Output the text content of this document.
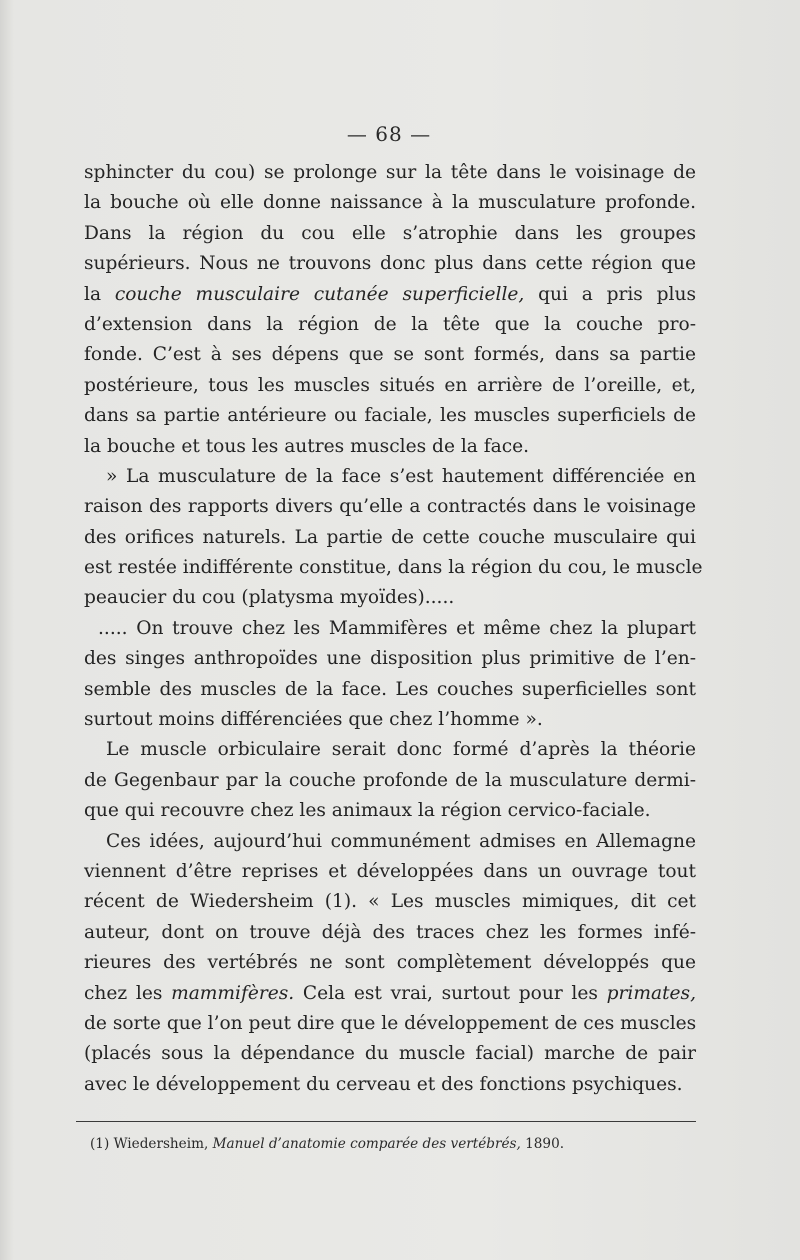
— 68 —
sphincter du cou) se prolonge sur la tête dans le voisinage de
la bouche où elle donne naissance à la musculature profonde.
Dans la région du cou elle s’atrophie dans les groupes
supérieurs. Nous ne trouvons donc plus dans cette région que
la couche musculaire cutanée superficielle, qui a pris plus
d’extension dans la région de la tête que la couche pro-
fonde. C’est à ses dépens que se sont formés, dans sa partie
postérieure, tous les muscles situés en arrière de l’oreille, et,
dans sa partie antérieure ou faciale, les muscles superficiels de
la bouche et tous les autres muscles de la face.
» La musculature de la face s’est hautement différenciée en
raison des rapports divers qu’elle a contractés dans le voisinage
des orifices naturels. La partie de cette couche musculaire qui
est restée indifférente constitue, dans la région du cou, le muscle
peaucier du cou (platysma myoïdes).....
..... On trouve chez les Mammifères et même chez la plupart
des singes anthropoïdes une disposition plus primitive de l’en-
semble des muscles de la face. Les couches superficielles sont
surtout moins différenciées que chez l’homme ».
Le muscle orbiculaire serait donc formé d’après la théorie
de Gegenbaur par la couche profonde de la musculature dermi-
que qui recouvre chez les animaux la région cervico-faciale.
Ces idées, aujourd’hui communément admises en Allemagne
viennent d’être reprises et développées dans un ouvrage tout
récent de Wiedersheim (1). « Les muscles mimiques, dit cet
auteur, dont on trouve déjà des traces chez les formes infé-
rieures des vertébrés ne sont complètement développés que
chez les mammifères. Cela est vrai, surtout pour les primates,
de sorte que l’on peut dire que le développement de ces muscles
(placés sous la dépendance du muscle facial) marche de pair
avec le développement du cerveau et des fonctions psychiques.
(1) Wiedersheim, Manuel d’anatomie comparée des vertébrés, 1890.
